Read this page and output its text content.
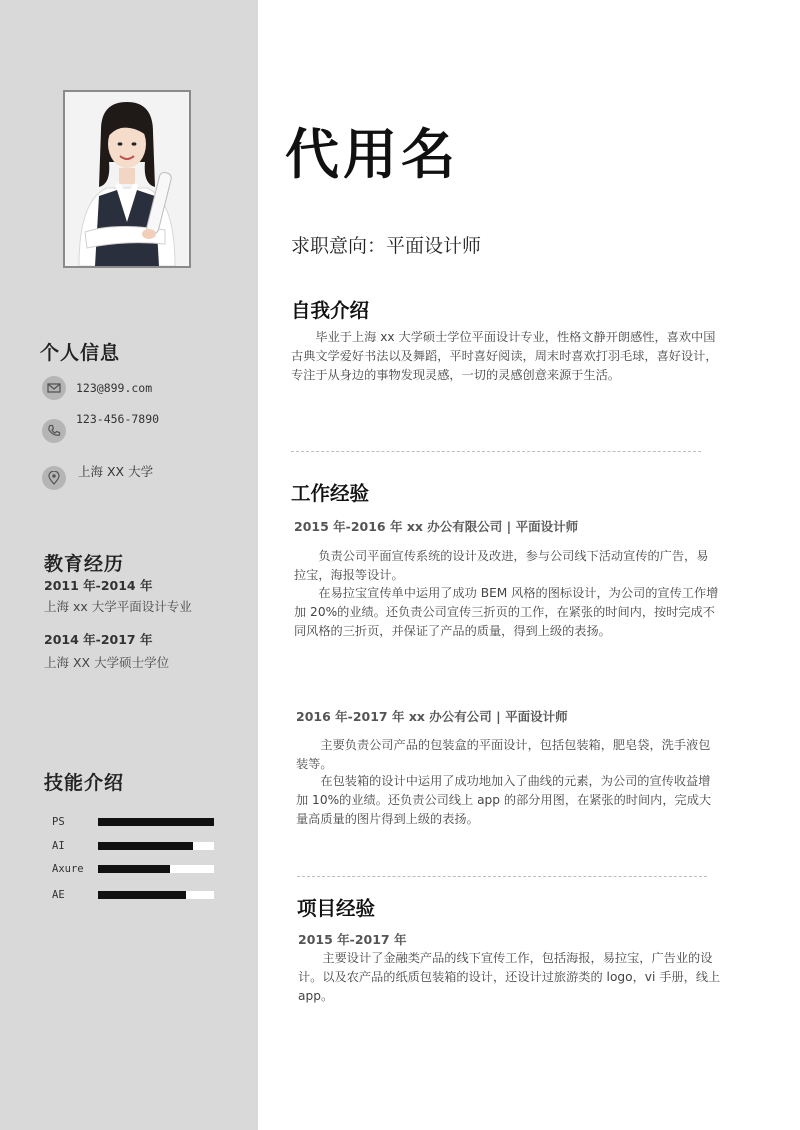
个人信息
123@899.com
123-456-7890
上海 XX 大学
教育经历
2011 年-2014 年
上海 xx 大学平面设计专业
2014 年-2017 年
上海 XX 大学硕士学位
技能介绍
PS
AI
Axure
AE
代用名
求职意向：平面设计师
自我介绍

毕业于上海 xx 大学硕士学位平面设计专业，性格文静开朗感性，喜欢中国古典文学爱好书法以及舞蹈，平时喜好阅读，周末时喜欢打羽毛球，喜好设计，专注于从身边的事物发现灵感，一切的灵感创意来源于生活。

工作经验
2015 年-2016 年 xx 办公有限公司 | 平面设计师

负责公司平面宣传系统的设计及改进，参与公司线下活动宣传的广告，易拉宝，海报等设计。

在易拉宝宣传单中运用了成功 BEM 风格的图标设计，为公司的宣传工作增加 20%的业绩。还负责公司宣传三折页的工作，在紧张的时间内，按时完成不同风格的三折页，并保证了产品的质量，得到上级的表扬。

2016 年-2017 年 xx 办公有公司 | 平面设计师

主要负责公司产品的包装盒的平面设计，包括包装箱，肥皂袋，洗手液包装等。

在包装箱的设计中运用了成功地加入了曲线的元素，为公司的宣传收益增加 10%的业绩。还负责公司线上 app 的部分用图，在紧张的时间内，完成大量高质量的图片得到上级的表扬。

项目经验
2015 年-2017 年

主要设计了金融类产品的线下宣传工作，包括海报，易拉宝，广告业的设计。以及农产品的纸质包装箱的设计，还设计过旅游类的 logo，vi 手册，线上 app。
